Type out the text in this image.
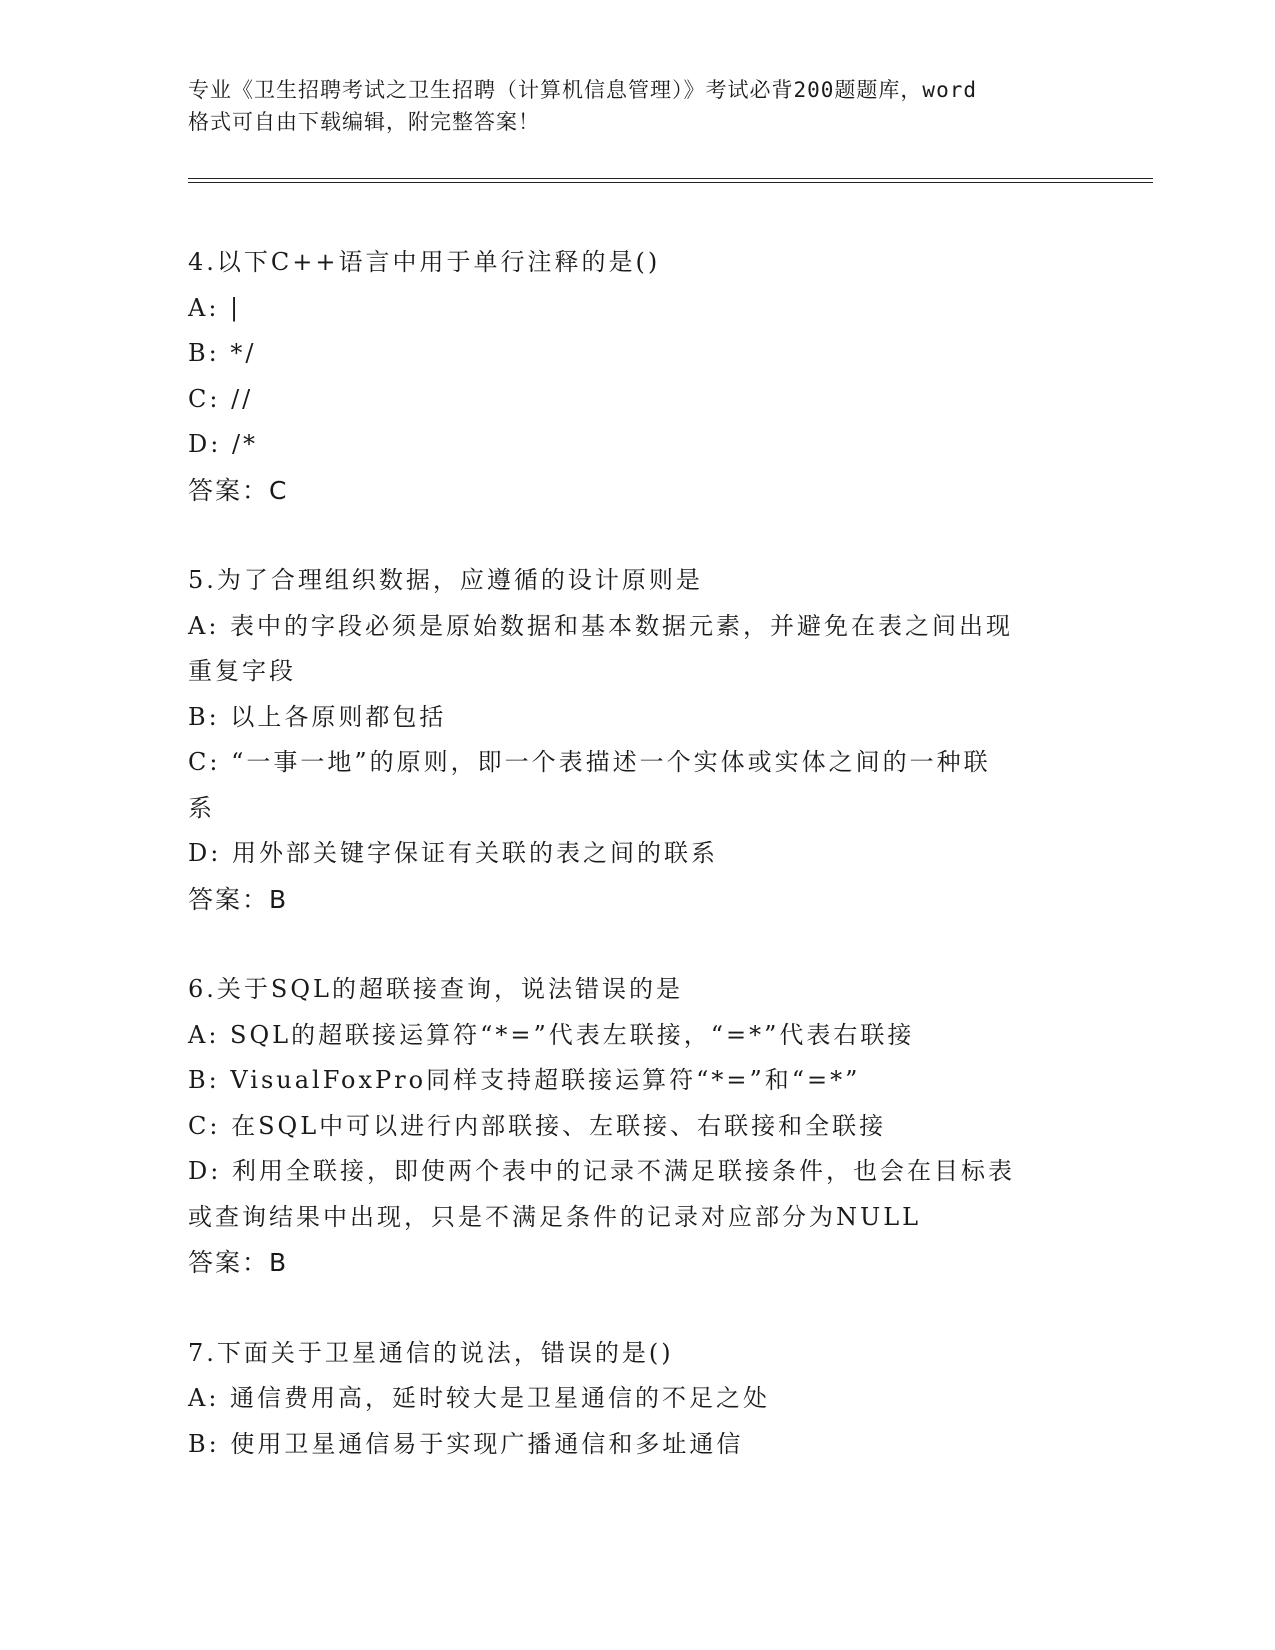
专业《卫生招聘考试之卫生招聘（计算机信息管理）》考试必背200题题库，word

格式可自由下载编辑，附完整答案！

4.以下C++语言中用于单行注释的是()
A: |
B: */
C: //
D: /*
答案：C
5.为了合理组织数据，应遵循的设计原则是
A: 表中的字段必须是原始数据和基本数据元素，并避免在表之间出现
重复字段
B: 以上各原则都包括
C: “一事一地”的原则，即一个表描述一个实体或实体之间的一种联
系
D: 用外部关键字保证有关联的表之间的联系
答案：B
6.关于SQL的超联接查询，说法错误的是
A: SQL的超联接运算符“*=”代表左联接，“=*”代表右联接
B: VisualFoxPro同样支持超联接运算符“*=”和“=*”
C: 在SQL中可以进行内部联接、左联接、右联接和全联接
D: 利用全联接，即使两个表中的记录不满足联接条件，也会在目标表
或查询结果中出现，只是不满足条件的记录对应部分为NULL
答案：B
7.下面关于卫星通信的说法，错误的是()
A: 通信费用高，延时较大是卫星通信的不足之处
B: 使用卫星通信易于实现广播通信和多址通信
